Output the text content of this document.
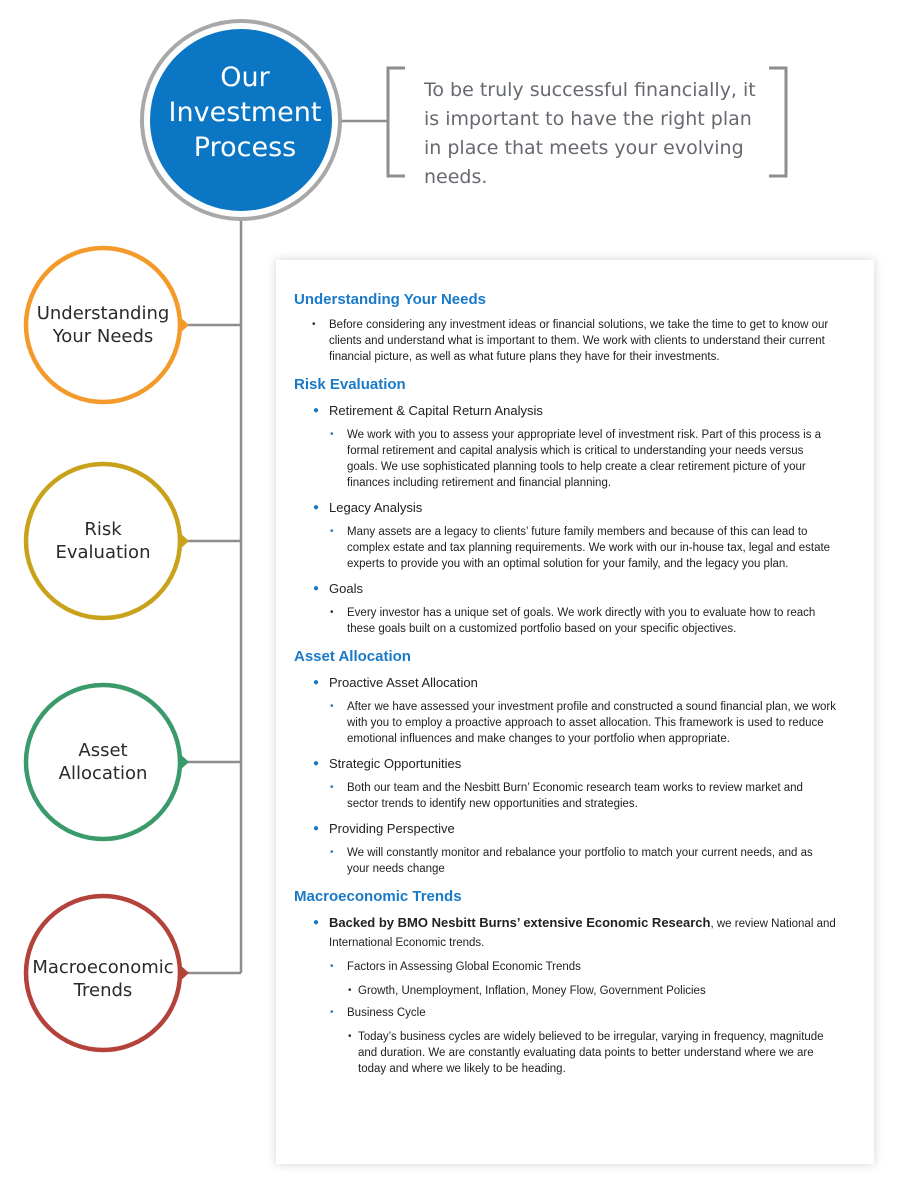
Our
Investment
Process
To be truly successful financially, it is important to have the right plan in place that meets your evolving needs.
Understanding
Your Needs
Risk
Evaluation
Asset
Allocation
Macroeconomic
Trends
Understanding Your Needs
• Before considering any investment ideas or financial solutions, we take the time to get to know our clients and understand what is important to them. We work with clients to understand their current financial picture, as well as what future plans they have for their investments.
Risk Evaluation
● Retirement & Capital Return Analysis
• We work with you to assess your appropriate level of investment risk. Part of this process is a formal retirement and capital analysis which is critical to understanding your needs versus goals. We use sophisticated planning tools to help create a clear retirement picture of your finances including retirement and financial planning.
● Legacy Analysis
• Many assets are a legacy to clients’ future family members and because of this can lead to complex estate and tax planning requirements. We work with our in-house tax, legal and estate experts to provide you with an optimal solution for your family, and the legacy you plan.
● Goals
• Every investor has a unique set of goals. We work directly with you to evaluate how to reach these goals built on a customized portfolio based on your specific objectives.
Asset Allocation
● Proactive Asset Allocation
• After we have assessed your investment profile and constructed a sound financial plan, we work with you to employ a proactive approach to asset allocation. This framework is used to reduce emotional influences and make changes to your portfolio when appropriate.
● Strategic Opportunities
• Both our team and the Nesbitt Burn’ Economic research team works to review market and sector trends to identify new opportunities and strategies.
● Providing Perspective
• We will constantly monitor and rebalance your portfolio to match your current needs, and as your needs change
Macroeconomic Trends
● Backed by BMO Nesbitt Burns’ extensive Economic Research, we review National and International Economic trends.
• Factors in Assessing Global Economic Trends
• Growth, Unemployment, Inflation, Money Flow, Government Policies
• Business Cycle
• Today’s business cycles are widely believed to be irregular, varying in frequency, magnitude and duration. We are constantly evaluating data points to better understand where we are today and where we likely to be heading.
